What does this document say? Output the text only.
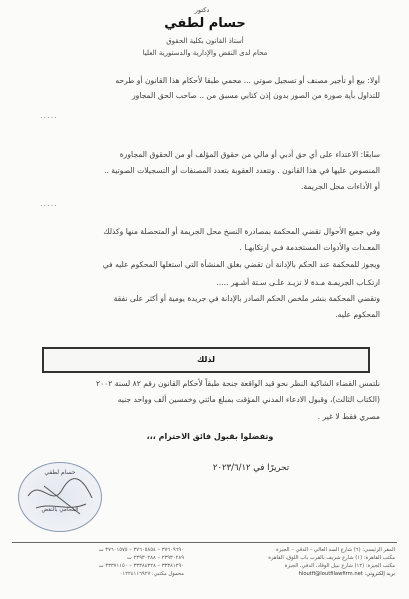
دكتور
حسام لطفي
أستاذ القانون بكلية الحقوق
محام لدى النقض والإدارية والدستورية العليا
أولا: بيع أو تأجير مصنف أو تسجيل صوتي ... محمي طبقا لأحكام هذا القانون أو طرحه
للتداول بأية صورة من الصور بدون إذن كتابي مسبق من .. صاحب الحق المجاور
.....
سابعًا: الاعتداء على أي حق أدبي أو مالي من حقوق المؤلف أو من الحقوق المجاورة
المنصوص عليها في هذا القانون . وتتعدد العقوبة بتعدد المصنفات أو التسجيلات الصوتية ..
أو الأداءات محل الجريمة.
.....
وفي جميع الأحوال تقضي المحكمة بمصادرة النسخ محل الجريمة أو المتحصلة منها وكذلك
المعـدات والأدوات المستخدمة فـي ارتكابهـا .
ويجوز للمحكمة عند الحكم بالإدانة أن تقضي بغلق المنشأة التي استغلها المحكوم عليه في
ارتكـاب الجريمـة مـدة لا تزيـد علـى سـتة أشـهر .....
وتقضي المحكمة بنشر ملخص الحكم الصادر بالإدانة في جريدة يومية أو أكثر على نفقة
المحكوم عليه.
لذلك
نلتمس القضاء الشاكية النظر نحو قيد الواقعة جنحة طبقاً لأحكام القانون رقم ٨٢ لسنة ٢٠٠٢
(الكتاب الثالث)، وقبول الادعاء المدني المؤقت بمبلغ مائتي وخمسين ألف وواحد جنيه
مصري فقط لا غير .
وتفضلوا بقبول فائق الاحترام ،،،
تحريرًا في ٢٠٢٣/٦/١٢
حسام لطفي
المحامي بالنقض
المقر الرئيسي: (٦) شارع السد العالي – الدقي – الجيزة
مكتب القاهرة: (١) شارع شريف بالقرب باب اللوق، القاهرة
مكتب الجيزة: (١٢) شارع نبيل الوقاد، الدقي، الجيزة
بريد إلكتروني: hloutfi@loutfilawfirm.net
٣٧٦٠٩٦٩٠ – ٣٧٦٠٥٨٥٤ – ٣٧٦٠١٥٧٥ ت
٢٣٩٣٠٢٨٩ – ٢٣٩٣٠٢٨٨ ت
٣٣٣٨١٢٩٠ – ٣٣٣٨٤٣٢٨ – ٣٣٣٧١١٥٠ ت
محمول مكتبي: ٠١٢٢٤١١٦٩٢٧
